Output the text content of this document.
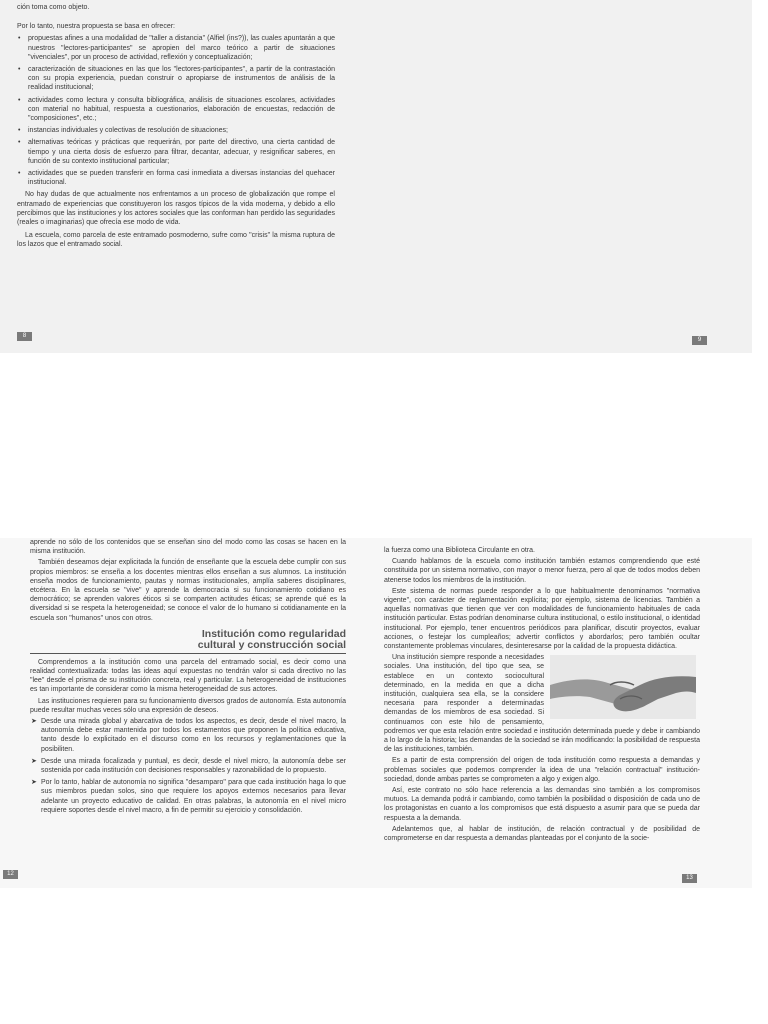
ción toma como objeto.

Por lo tanto, nuestra propuesta se basa en ofrecer:

• propuestas afines a una modalidad de "taller a distancia" (Alfiel (ins?)), las cuales apuntarán a que nuestros "lectores-participantes" se apropien del marco teórico a partir de situaciones "vivenciales", por un proceso de actividad, reflexión y conceptualización;
• caracterización de situaciones en las que los "lectores-participantes", a partir de la contrastación con su propia experiencia, puedan construir o apropiarse de instrumentos de análisis de la realidad institucional;
• actividades como lectura y consulta bibliográfica, análisis de situaciones escolares, actividades con material no habitual, respuesta a cuestionarios, elaboración de encuestas, redacción de "composiciones", etc.;
• instancias individuales y colectivas de resolución de situaciones;
• alternativas teóricas y prácticas que requerirán, por parte del directivo, una cierta cantidad de tiempo y una cierta dosis de esfuerzo para filtrar, decantar, adecuar, y resignificar saberes, en función de su contexto institucional particular;
• actividades que se pueden transferir en forma casi inmediata a diversas instancias del quehacer institucional.

No hay dudas de que actualmente nos enfrentamos a un proceso de globalización que rompe el entramado de experiencias que constituyeron los rasgos típicos de la vida moderna, y debido a ello percibimos que las instituciones y los actores sociales que las conforman han perdido las seguridades (reales o imaginarias) que ofrecía ese modo de vida.

La escuela, como parcela de este entramado posmoderno, sufre como "crisis" la misma ruptura de los lazos que el entramado social.

8
9

aprende no sólo de los contenidos que se enseñan sino del modo como las cosas se hacen en la misma institución.

También deseamos dejar explicitada la función de enseñante que la escuela debe cumplir con sus propios miembros: se enseña a los docentes mientras ellos enseñan a sus alumnos. La institución enseña modos de funcionamiento, pautas y normas institucionales, amplía saberes disciplinares, etcétera. En la escuela se "vive" y aprende la democracia si su funcionamiento cotidiano es democrático; se aprenden valores éticos si se comparten actitudes éticas; se aprende qué es la diversidad si se respeta la heterogeneidad; se conoce el valor de lo humano si cotidianamente en la escuela son "humanos" unos con otros.

Institución como regularidad
cultural y construcción social

Comprendemos a la institución como una parcela del entramado social, es decir como una realidad contextualizada: todas las ideas aquí expuestas no tendrán valor si cada directivo no las "lee" desde el prisma de su institución concreta, real y particular. La heterogeneidad de instituciones es tan importante de considerar como la misma heterogeneidad de sus actores.

Las instituciones requieren para su funcionamiento diversos grados de autonomía. Esta autonomía puede resultar muchas veces sólo una expresión de deseos.

➤ Desde una mirada global y abarcativa de todos los aspectos, es decir, desde el nivel macro, la autonomía debe estar mantenida por todos los estamentos que proponen la política educativa, tanto desde lo explicitado en el discurso como en los recursos y reglamentaciones que la posibiliten.
➤ Desde una mirada focalizada y puntual, es decir, desde el nivel micro, la autonomía debe ser sostenida por cada institución con decisiones responsables y razonabilidad de lo propuesto.
➤ Por lo tanto, hablar de autonomía no significa "desamparo" para que cada institución haga lo que sus miembros puedan solos, sino que requiere los apoyos externos necesarios para llevar adelante un proyecto educativo de calidad. En otras palabras, la autonomía en el nivel micro requiere soportes desde el nivel macro, a fin de permitir su ejercicio y consolidación.
12

la fuerza como una Biblioteca Circulante en otra.

Cuando hablamos de la escuela como institución también estamos comprendiendo que esté constituida por un sistema normativo, con mayor o menor fuerza, pero al que de todos modos deben atenerse todos los miembros de la institución.

Este sistema de normas puede responder a lo que habitualmente denominamos "normativa vigente", con carácter de reglamentación explícita; por ejemplo, sistema de licencias. También a aquellas normativas que tienen que ver con modalidades de funcionamiento habituales de cada institución particular. Estas podrían denominarse cultura institucional, o estilo institucional, o identidad institucional. Por ejemplo, tener encuentros periódicos para planificar, discutir proyectos, evaluar acciones, o festejar los cumpleaños; advertir conflictos y abordarlos; pero también ocultar constantemente problemas vinculares, desinteresarse por la calidad de la propuesta didáctica.

Una institución siempre responde a necesidades sociales. Una institución, del tipo que sea, se establece en un contexto sociocultural determinado, en la medida en que a dicha institución, cualquiera sea ella, se la considere necesaria para responder a determinadas demandas de los miembros de esa sociedad. Si continuamos con este hilo de pensamiento, podremos ver que esta relación entre sociedad e institución determinada puede y debe ir cambiando a lo largo de la historia; las demandas de la sociedad se irán modificando: la posibilidad de respuesta de las instituciones, también.

Es a partir de esta comprensión del origen de toda institución como respuesta a demandas y problemas sociales que podemos comprender la idea de una "relación contractual" institución-sociedad, donde ambas partes se comprometen a algo y exigen algo.

Así, este contrato no sólo hace referencia a las demandas sino también a los compromisos mutuos. La demanda podrá ir cambiando, como también la posibilidad o disposición de cada uno de los protagonistas en cuanto a los compromisos que está dispuesto a asumir para que se pueda dar respuesta a la demanda.

Adelantemos que, al hablar de institución, de relación contractual y de posibilidad de comprometerse en dar respuesta a demandas planteadas por el conjunto de la socie-

13
